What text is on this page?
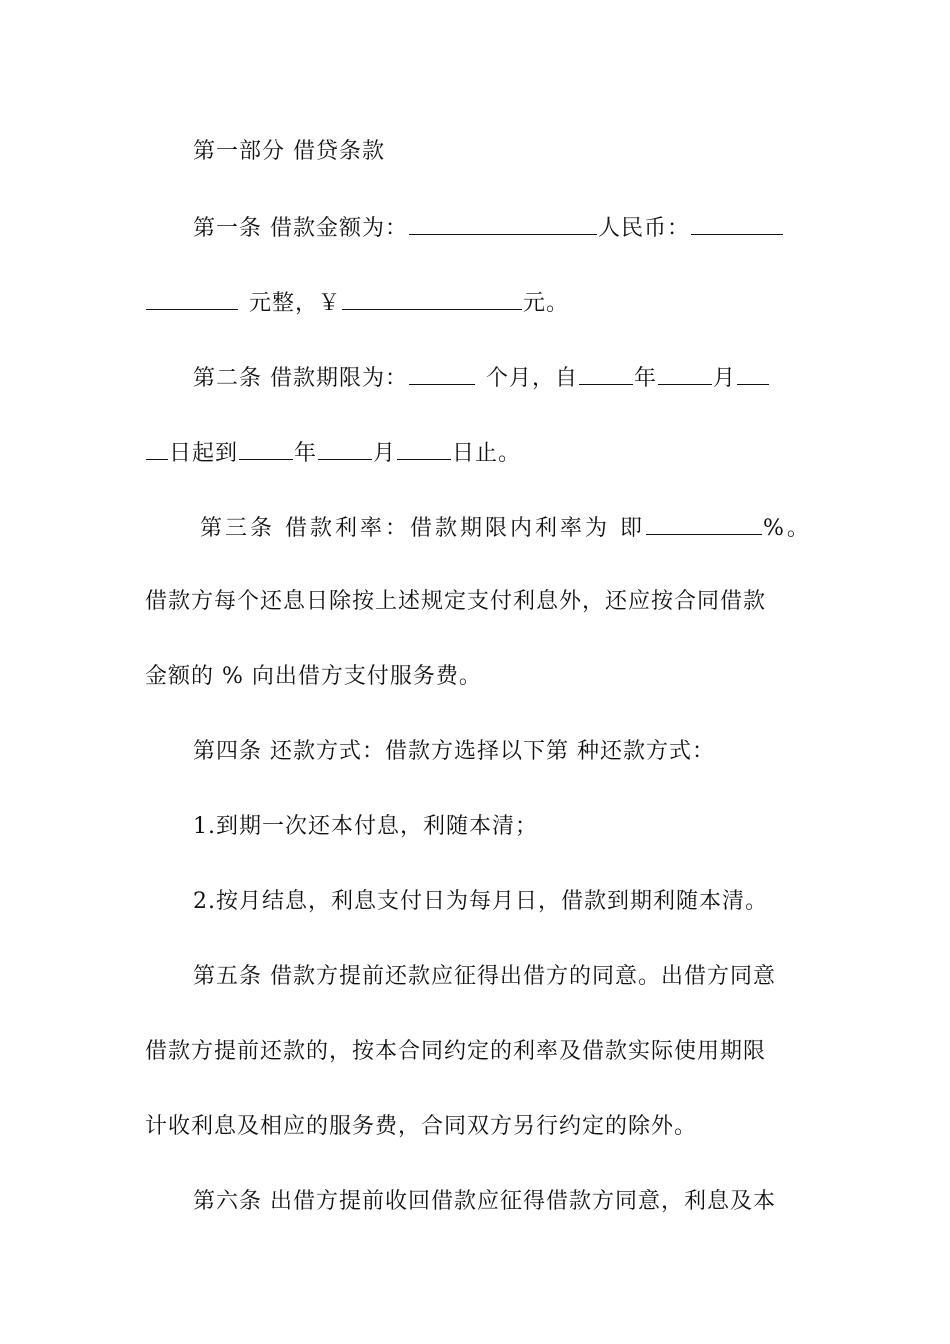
第一部分 借贷条款
第一条 借款金额为：	人民币：
元整，￥	元。
第二条 借款期限为：	个月，自	年	月
日起到	年	月	日止。
第三条 借款利率：借款期限内利率为 即	%。
借款方每个还息日除按上述规定支付利息外，还应按合同借款
金额的 % 向出借方支付服务费。
第四条 还款方式：借款方选择以下第 种还款方式：
1.到期一次还本付息，利随本清；
2.按月结息，利息支付日为每月日，借款到期利随本清。
第五条 借款方提前还款应征得出借方的同意。出借方同意
借款方提前还款的，按本合同约定的利率及借款实际使用期限
计收利息及相应的服务费，合同双方另行约定的除外。
第六条 出借方提前收回借款应征得借款方同意，利息及本
